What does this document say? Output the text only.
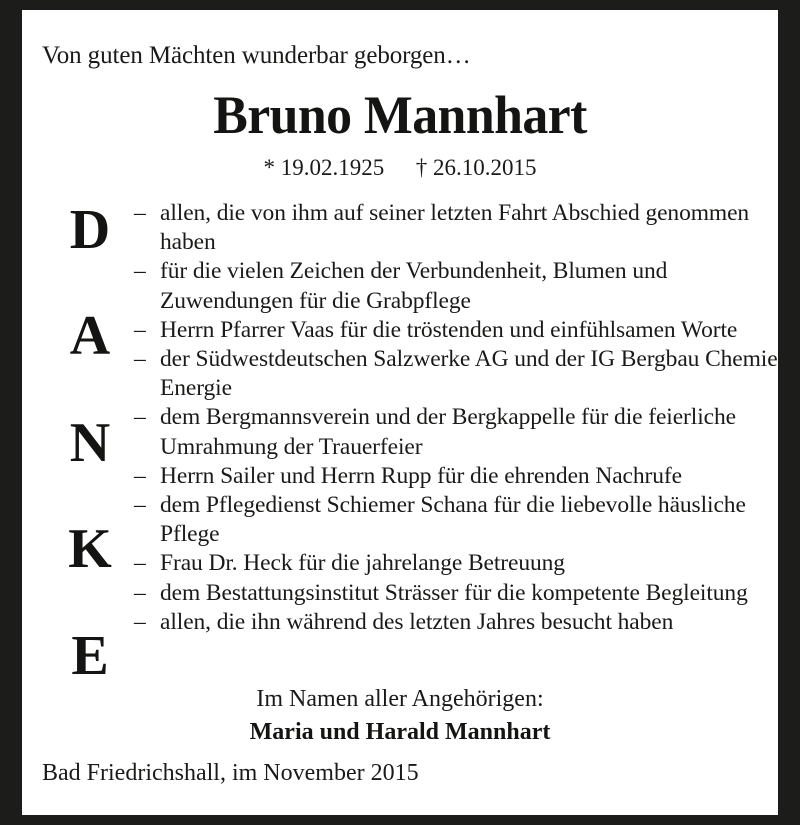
Von guten Mächten wunderbar geborgen…
Bruno Mannhart
* 19.02.1925 † 26.10.2015
D
A
N
K
E
– allen, die von ihm auf seiner letzten Fahrt Abschied genommen haben
– für die vielen Zeichen der Verbundenheit, Blumen und Zuwendungen für die Grabpflege
– Herrn Pfarrer Vaas für die tröstenden und einfühlsamen Worte
– der Südwestdeutschen Salzwerke AG und der IG Bergbau Chemie Energie
– dem Bergmannsverein und der Bergkappelle für die feierliche Umrahmung der Trauerfeier
– Herrn Sailer und Herrn Rupp für die ehrenden Nachrufe
– dem Pflegedienst Schiemer Schana für die liebevolle häusliche Pflege
– Frau Dr. Heck für die jahrelange Betreuung
– dem Bestattungsinstitut Strässer für die kompetente Begleitung
– allen, die ihn während des letzten Jahres besucht haben
Im Namen aller Angehörigen:
Maria und Harald Mannhart
Bad Friedrichshall, im November 2015
